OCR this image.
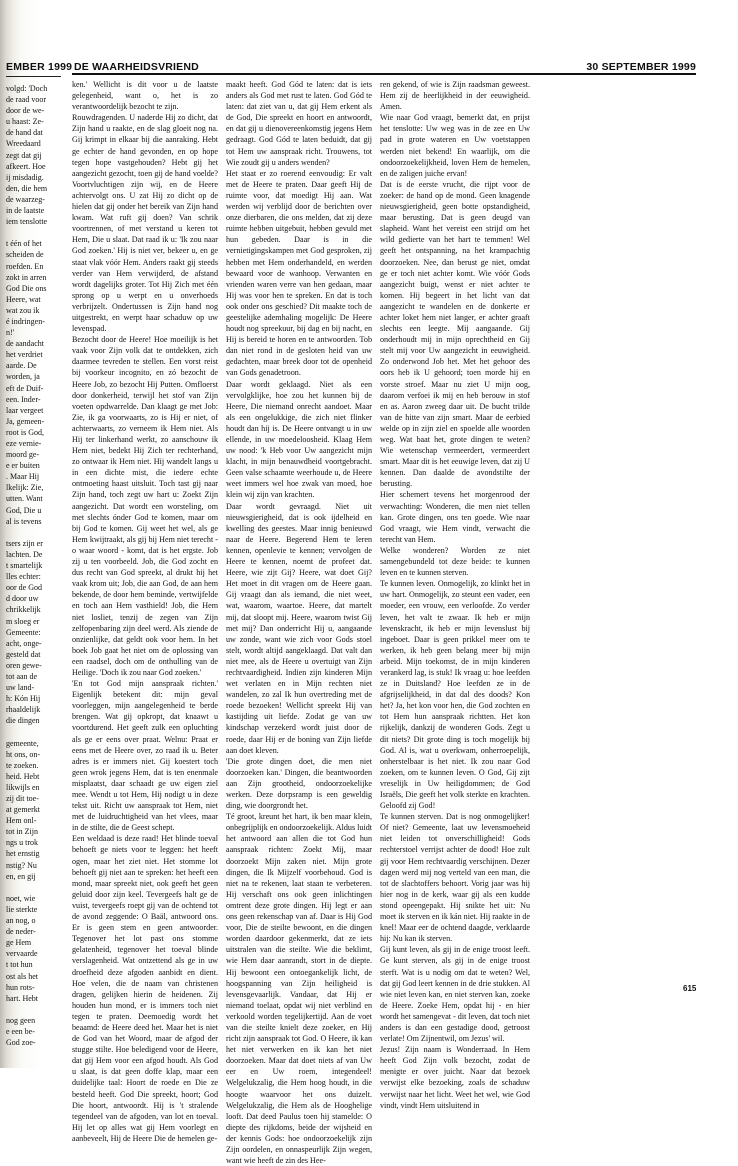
EMBER 1999

volgd: 'Doch

de raad voor

door de we-

u haast: Ze-

de hand dat

Wreedaard

zegt dat gij

afkeert. Hoe

ij misdadig.

den, die hem

de waarzeg-

in de laatste

iem tenslotte

t één of het

scheiden de

roefden. En

zokt in arren

God Die ons

Heere, wat

wat zou ik

é indringen-

n!'

de aandacht

het verdriet

aarde. De

worden, ja

eft de Duif-

een. Inder-

laar vergeet

Ja, gemeen-

root is God,

eze vernie-

moord ge-

e er buiten

. Maar Hij

lkelijk: Zie,

utten. Want

God, Die u

al is tevens

tsers zijn er

lachten. De

t smartelijk

lles echter:

oor de God

d door uw

chrikkelijk

m sloeg er

Gemeente:

acht, onge-

gesteld dat

oren gewe-

tot aan de

uw land-

h: Kón Hij

rhaaldelijk

die dingen

gemeente,

ht ons, on-

te zoeken.

heid. Hebt

likwijls en

zij dit toe-

at gemerkt

Hem onl-

tot in Zijn

ngs u trok

het ernstig

nstig? Nu

en, en gij

noet, wie

lie sterkte

an nog, o

de neder-

ge Hem

vervaarde

t tot hun

ost als het

hun rots-

hart. Hebt

nog geen

e een be-

God zoe-

DE WAARHEIDSVRIEND	30 SEPTEMBER 1999

ken.' Wellicht is dit voor u de laatste gelegenheid, want o, het is zo verantwoordelijk bezocht te zijn.

Rouwdragenden. U naderde Hij zo dicht, dat Zijn hand u raakte, en de slag gloeit nog na. Gij krimpt in elkaar bij die aanraking. Hebt ge echter de hand gevonden, en op hope tegen hope vastgehouden? Hebt gij het aangezicht gezocht, toen gij de hand voelde? Voortvluchtigen zijn wij, en de Heere achtervolgt ons. U zat Hij zo dicht op de hielen dat gij onder het bereik van Zijn hand kwam. Wat ruft gij doen? Van schrik voortrennen, of met verstand u keren tot Hem, Die u slaat. Dat raad ik u: 'Ik zou naar God zoeken.' Hij is niet ver, bekeer u, en ge staat vlak vóór Hem. Anders raakt gij steeds verder van Hem verwijderd, de afstand wordt dagelijks groter. Tot Hij Zich met één sprong op u werpt en u onverhoeds verbrijzelt. Ondertussen is Zijn hand nog uitgestrekt, en werpt haar schaduw op uw levenspad.

Bezocht door de Heere! Hoe moeilijk is het vaak voor Zijn volk dat te ontdekken, zich daarmee tevreden te stellen. Een vorst reist bij voorkeur incognito, en zó bezocht de Heere Job, zo bezocht Hij Putten. Omfloerst door donkerheid, terwijl het stof van Zijn voeten opdwarrelde. Dan klaagt ge met Job: Zie, ik ga voorwaarts, zo is Hij er niet, of achterwaarts, zo verneem ik Hem niet. Als Hij ter linkerhand werkt, zo aanschouw ik Hem niet, bedekt Hij Zich ter rechterhand, zo ontwaar ik Hem niet. Hij wandelt langs u in een dichte mist, die iedere echte ontmoeting haast uitsluit. Toch tast gij naar Zijn hand, toch zegt uw hart u: Zoekt Zijn aangezicht. Dat wordt een worsteling, om met slechts ónder God te komen, maar om bij God te komen. Gij weet het wel, als ge Hem kwijtraakt, als gij bij Hem niet terecht - o waar woord - komt, dat is het ergste. Job zij u ten voorbeeld. Job, die God zocht en dus recht van God spreekt, al drukt hij het vaak krom uit; Job, die aan God, de aan hem bekende, de door hem beminde, vertwijfelde en toch aan Hem vasthield! Job, die Hem niet losliet, tenzij de zegen van Zijn zelfopenbaring zijn deel werd. Als ziende de onzienlijke, dat geldt ook voor hem. In het boek Job gaat het niet om de oplossing van een raadsel, doch om de onthulling van de Heilige. 'Doch ik zou naar God zoeken.'

'En tot God mijn aanspraak richten.' Eigenlijk betekent dit: mijn geval voorleggen, mijn aangelegenheid te berde brengen. Wat gij opkropt, dat knaawt u voortdurend. Het geeft zulk een opluchting als ge er eens over praat. Welnu: Praat er eens met de Heere over, zo raad ik u. Beter adres is er immers niet. Gij koestert toch geen wrok jegens Hem, dat is ten enenmale misplaatst, daar schaadt ge uw eigen ziel mee. Wendt u tot Hem, Hij nodigt u in deze tekst uit. Richt uw aanspraak tot Hem, niet met de luidruchtigheid van het vlees, maar in de stilte, die de Geest schept.

Een weldaad is deze raad! Het blinde toeval behoeft ge niets voor te leggen: het heeft ogen, maar het ziet niet. Het stomme lot behoeft gij niet aan te spreken: het heeft een mond, maar spreekt niet, ook geeft het geen geluid door zijn keel. Tevergeefs halt ge de vuist, tevergeefs roept gij van de ochtend tot de avond zeggende: O Baäl, antwoord ons. Er is geen stem en geen antwoorder. Tegenover het lot past ons stomme gelatenheid, tegenover het toeval blinde verslagenheid. Wat ontzettend als ge in uw droefheid deze afgoden aanbidt en dient. Hoe velen, die de naam van christenen dragen, gelijken hierin de heidenen. Zij houden hun mond, er is immers toch niet tegen te praten. Deemoedig wordt het beaamd: de Heere deed het. Maar het is niet de God van het Woord, maar de afgod der stugge stilte. Hoe beledigend voor de Heere, dat gij Hem voor een afgod houdt. Als God u slaat, is dat geen doffe klap, maar een duidelijke taal: Hoort de roede en Die ze besteld heeft. God Die spreekt, hoort; God Die hoort, antwoordt. Hij is 't stralende tegendeel van de afgoden, van lot en toeval. Hij let op alles wat gij Hem voorlegt en aanbeveelt, Hij de Heere Die de hemelen ge-

maakt heeft. God Gód te laten: dat is iets anders als God met rust te laten. God Gód te laten: dat ziet van u, dat gij Hem erkent als de God, Die spreekt en hoort en antwoordt, en dat gij u dienovereenkomstig jegens Hem gedraagt. God Gód te laten beduidt, dat gij tot Hem uw aanspraak richt. Trouwens, tot Wie zoudt gij u anders wenden?

Het staat er zo roerend eenvoudig: Er valt met de Heere te praten. Daar geeft Hij de ruimte voor, dat moedigt Hij aan. Wat werden wij verblijd door de berichten over onze dierbaren, die ons melden, dat zij deze ruimte hebben uitgebuit, hebben gevuld met hun gebeden. Daar is in die vernietigingskampen met God gesproken, zij hebben met Hem onderhandeld, en werden bewaard voor de wanhoop. Verwanten en vrienden waren verre van hen gedaan, maar Hij was voor hen te spreken. En dat is toch ook onder ons geschied? Dit maakte toch de geestelijke ademhaling mogelijk: De Heere houdt nog spreekuur, bij dag en bij nacht, en Hij is bereid te horen en te antwoorden. Tob dan niet rond in de gesloten heid van uw gedachten, maar breek door tot de openheid van Gods genadetroon.

Daar wordt geklaagd. Niet als een vervolgklijke, hoe zou het kunnen bij de Heere, Die niemand onrecht aandoet. Maar als een ongelukkige, die zich niet flinker houdt dan hij is. De Heere ontvangt u in uw ellende, in uw moedeloosheid. Klaag Hem uw nood: 'k Heb voor Uw aangezicht mijn klacht, in mijn benauwdheid voortgebracht. Geen valse schaamte weerhoude u, de Heere weet immers wel hoe zwak van moed, hoe klein wij zijn van krachten.

Daar wordt gevraagd. Niet uit nieuwsgierigheid, dat is ook ijdelheid en kwelling des geestes. Maar innig benieuwd naar de Heere. Begerend Hem te leren kennen, openlevie te kennen; vervolgen de Heere te kennen, noemt de profeet dat. Heere, wie zijt Gij? Heere, wat doet Gij? Het moet in dit vragen om de Heere gaan. Gij vraagt dan als iemand, die niet weet, wat, waarom, waartoe. Heere, dat martelt mij, dat sloopt mij. Heere, waarom twist Gij met mij? Dan onderricht Hij u, aangaande uw zonde, want wie zich voor Gods stoel stelt, wordt altijd aangeklaagd. Dat valt dan niet mee, als de Heere u overtuigt van Zijn rechtvaardigheid. Indien zijn kinderen Mijn wet verlaten en in Mijn rechten niet wandelen, zo zal Ik hun overtreding met de roede bezoeken! Wellicht spreekt Hij van kastijding uit liefde. Zodat ge van uw kindschap verzekerd wordt juist door de roede, daar Hij er de boning van Zijn liefde aan doet kleven.

'Die grote dingen doet, die men niet doorzoeken kan.' Dingen, die beantwoorden aan Zijn grootheid, ondoorzoekelijke werken. Deze dorpsramp is een geweldig ding, wie doorgrondt het.

Té groot, kreunt het hart, ik ben maar klein, onbegrijplijk en ondoorzoekelijk. Aldus luidt het antwoord aan allen die tot God hun aanspraak richten: Zoekt Mij, maar doorzoekt Mijn zaken niet. Mijn grote dingen, die Ik Mijzelf voorbehoud. God is niet na te rekenen, laat staan te verbeteren. Hij verschaft ons ook geen inlichtingen omtrent deze grote dingen. Hij legt er aan ons geen rekenschap van af. Daar is Hij God voor, Die de steilte bewoont, en die dingen worden daardoor gekenmerkt, dat ze iets uitstralen van die steilte. Wie die beklimt, wie Hem daar aanrandt, stort in de diepte. Hij bewoont een ontoegankelijk licht, de hoogspanning van Zijn heiligheid is levensgevaarlijk. Vandaar, dat Hij er niemand toelaat, opdat wij niet verblind en verkoold worden tegelijkertijd. Aan de voet van die steilte knielt deze zoeker, en Hij richt zijn aanspraak tot God. O Heere, ik kan het niet verwerken en ik kan het niet doorzoeken. Maar dat doet niets af van Uw eer en Uw roem, integendeel! Welgelukzalig, die Hem hoog houdt, in die hoogte waarvoor het ons duizelt. Welgelukzalig, die Hem als de Hooghelige looft. Dat deed Paulus toen hij stamelde: O diepte des rijkdoms, beide der wijsheid en der kennis Gods: hoe ondoorzoekelijk zijn Zijn oordelen, en onnaspeurlijk Zijn wegen, want wie heeft de zin des Hee-

ren gekend, of wie is Zijn raadsman geweest. Hem zij de heerlijkheid in der eeuwigheid. Amen.

Wie naar God vraagt, bemerkt dat, en prijst het tenslotte: Uw weg was in de zee en Uw pad in grote wateren en Uw voetstappen werden niet bekend! En waarlijk, om die ondoorzoekelijkheid, loven Hem de hemelen, en de zaligen juiche ervan!

Dat is de eerste vrucht, die rijpt voor de zoeker: de hand op de mond. Geen knagende nieuwsgierigheid, geen botte opstandigheid, maar berusting. Dat is geen deugd van slapheid. Want het vereist een strijd om het wild gedierte van het hart te temmen! Wel geeft het ontspanning, na het krampachtig doorzoeken. Nee, dan berust ge niet, omdat ge er toch niet achter komt. Wie vóór Gods aangezicht buigt, wenst er niet achter te komen. Hij begeert in het licht van dat aangezicht te wandelen en de donkerte er achter loket hem niet langer, er achter graaft slechts een leegte. Mij aangaande. Gij onderhoudt mij in mijn oprechtheid en Gij stelt mij voor Uw aangezicht in eeuwigheid. Zo onderwond Job het. Met het gehoor des oors heb ik U gehoord; toen morde hij en vorste stroef. Maar nu ziet U mijn oog, daarom verfoei ik mij en heb berouw in stof en as. Aaron zweeg daar uit. De bucht trilde van de hitte van zijn smart. Maar de eerbied welde op in zijn ziel en spoelde alle woorden weg. Wat baat het, grote dingen te weten? Wie wetenschap vermeerdert, vermeerdert smart. Maar dit is het eeuwige leven, dat zij U kennen. Dan daalde de avondstilte der berusting.

Hier schemert tevens het morgenrood der verwachting: Wonderen, die men niet tellen kan. Grote dingen, ons ten goede. Wie naar God vraagt, wie Hem vindt, verwacht die terecht van Hem.

Welke wonderen? Worden ze niet samengebundeld tot deze beide: te kunnen leven en te kunnen sterven.

Te kunnen leven. Onmogelijk, zo klinkt het in uw hart. Onmogelijk, zo steunt een vader, een moeder, een vrouw, een verloofde. Zo verder leven, het valt te zwaar. Ik heb er mijn levenskracht, ik heb er mijn levenslust bij ingeboet. Daar is geen prikkel meer om te werken, ik heb geen belang meer bij mijn arbeid. Mijn toekomst, de in mijn kinderen verankerd lag, is stuk! Ik vraag u: hoe leefden ze in Duitsland? Hoe leefden ze in de afgrijselijkheid, in dat dal des doods? Kon het? Ja, het kon voor hen, die God zochten en tot Hem hun aanspraak richtten. Het kon rijkelijk, dankzij de wonderen Gods. Zegt u dit niets? Dit grote ding is toch mogelijk bij God. Al is, wat u overkwam, onherroepelijk, onherstelbaar is het niet. Ik zou naar God zoeken, om te kunnen leven. O God, Gij zijt vreselijk in Uw heiligdommen; de God Israëls, Die geeft het volk sterkte en krachten. Geloofd zij God!

Te kunnen sterven. Dat is nog onmogelijker! Of niet? Gemeente, laat uw levensmoeheid niet leiden tot onverschilligheid! Gods rechterstoel verrijst achter de dood! Hoe zult gij voor Hem rechtvaardig verschijnen. Dezer dagen werd mij nog verteld van een man, die tot de slachtoffers behoort. Vorig jaar was hij hier nog in de kerk, waar gij als een kudde stond opeengepakt. Hij snikte het uit: Nu moet ik sterven en ik kán niet. Hij raakte in de knel! Maar eer de ochtend daagde, verklaarde hij: Nu kan ik sterven.

Gij kunt leven, als gij in de enige troost leeft. Ge kunt sterven, als gij in de enige troost sterft. Wat is u nodig om dat te weten? Wel, dat gij God leert kennen in de drie stukken. Al wie niet leven kan, en niet sterven kan, zoeke de Heere. Zoeke Hem, opdat hij - en hier wordt het samengevat - dit leven, dat toch niet anders is dan een gestadige dood, getroost verlate! Om Zijnentwil, om Jezus' wil.

Jezus! Zijn naam is Wonderraad. In Hem heeft God Zijn volk bezocht, zodat de menigte er over juicht. Naar dat bezoek verwijst elke bezoeking, zoals de schaduw verwijst naar het licht. Weet het wel, wie God vindt, vindt Hem uitsluitend in

615
